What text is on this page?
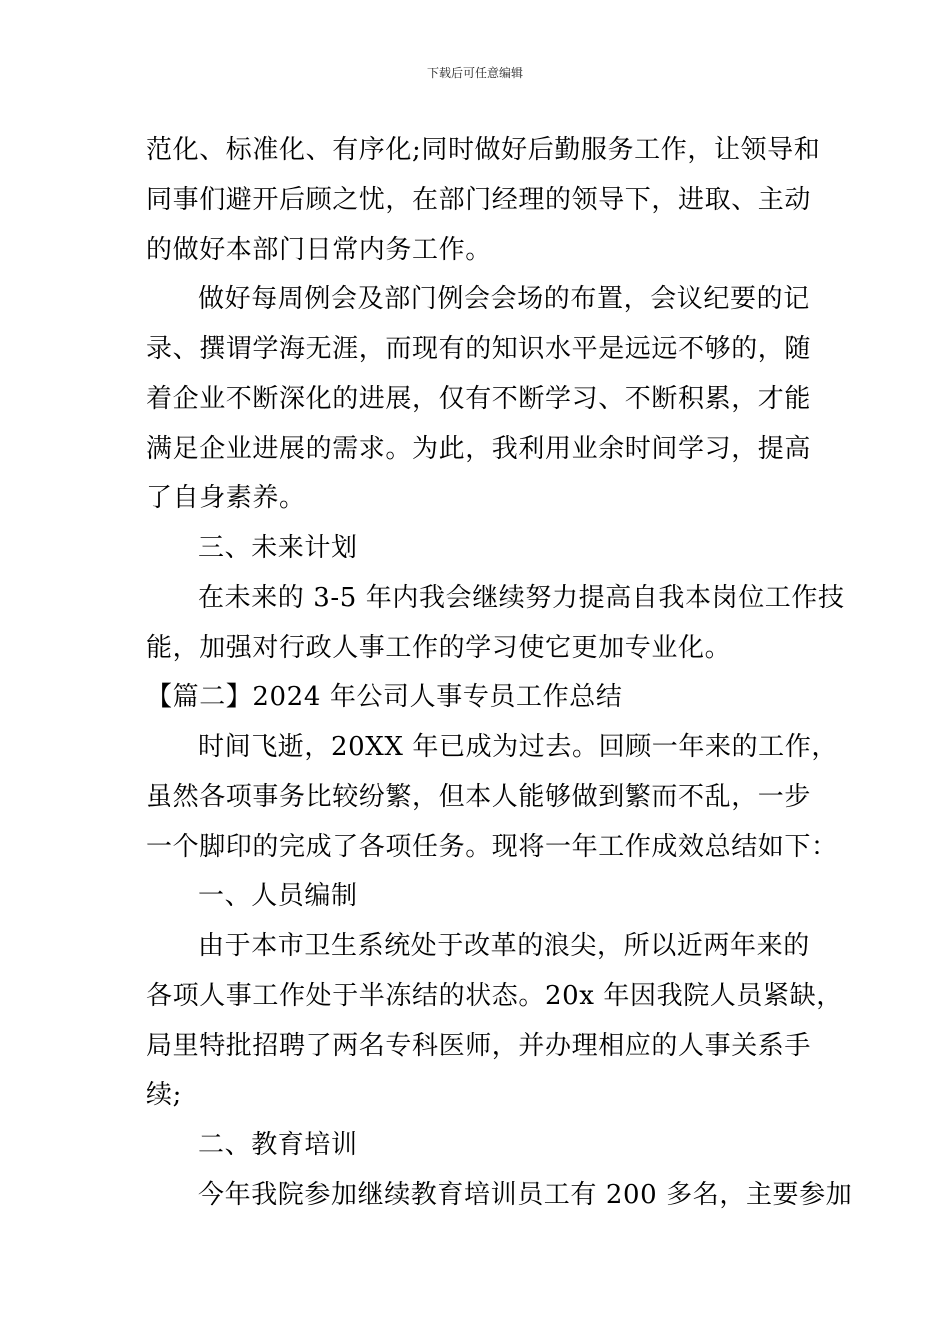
下载后可任意编辑
范化、标准化、有序化;同时做好后勤服务工作，让领导和
同事们避开后顾之忧，在部门经理的领导下，进取、主动
的做好本部门日常内务工作。
做好每周例会及部门例会会场的布置，会议纪要的记
录、撰谓学海无涯，而现有的知识水平是远远不够的，随
着企业不断深化的进展，仅有不断学习、不断积累，才能
满足企业进展的需求。为此，我利用业余时间学习，提高
了自身素养。
三、未来计划
在未来的 3-5 年内我会继续努力提高自我本岗位工作技
能，加强对行政人事工作的学习使它更加专业化。
【篇二】2024 年公司人事专员工作总结
时间飞逝，20XX 年已成为过去。回顾一年来的工作，
虽然各项事务比较纷繁，但本人能够做到繁而不乱，一步
一个脚印的完成了各项任务。现将一年工作成效总结如下：
一、人员编制
由于本市卫生系统处于改革的浪尖，所以近两年来的
各项人事工作处于半冻结的状态。20x 年因我院人员紧缺，
局里特批招聘了两名专科医师，并办理相应的人事关系手
续;
二、教育培训
今年我院参加继续教育培训员工有 200 多名，主要参加
